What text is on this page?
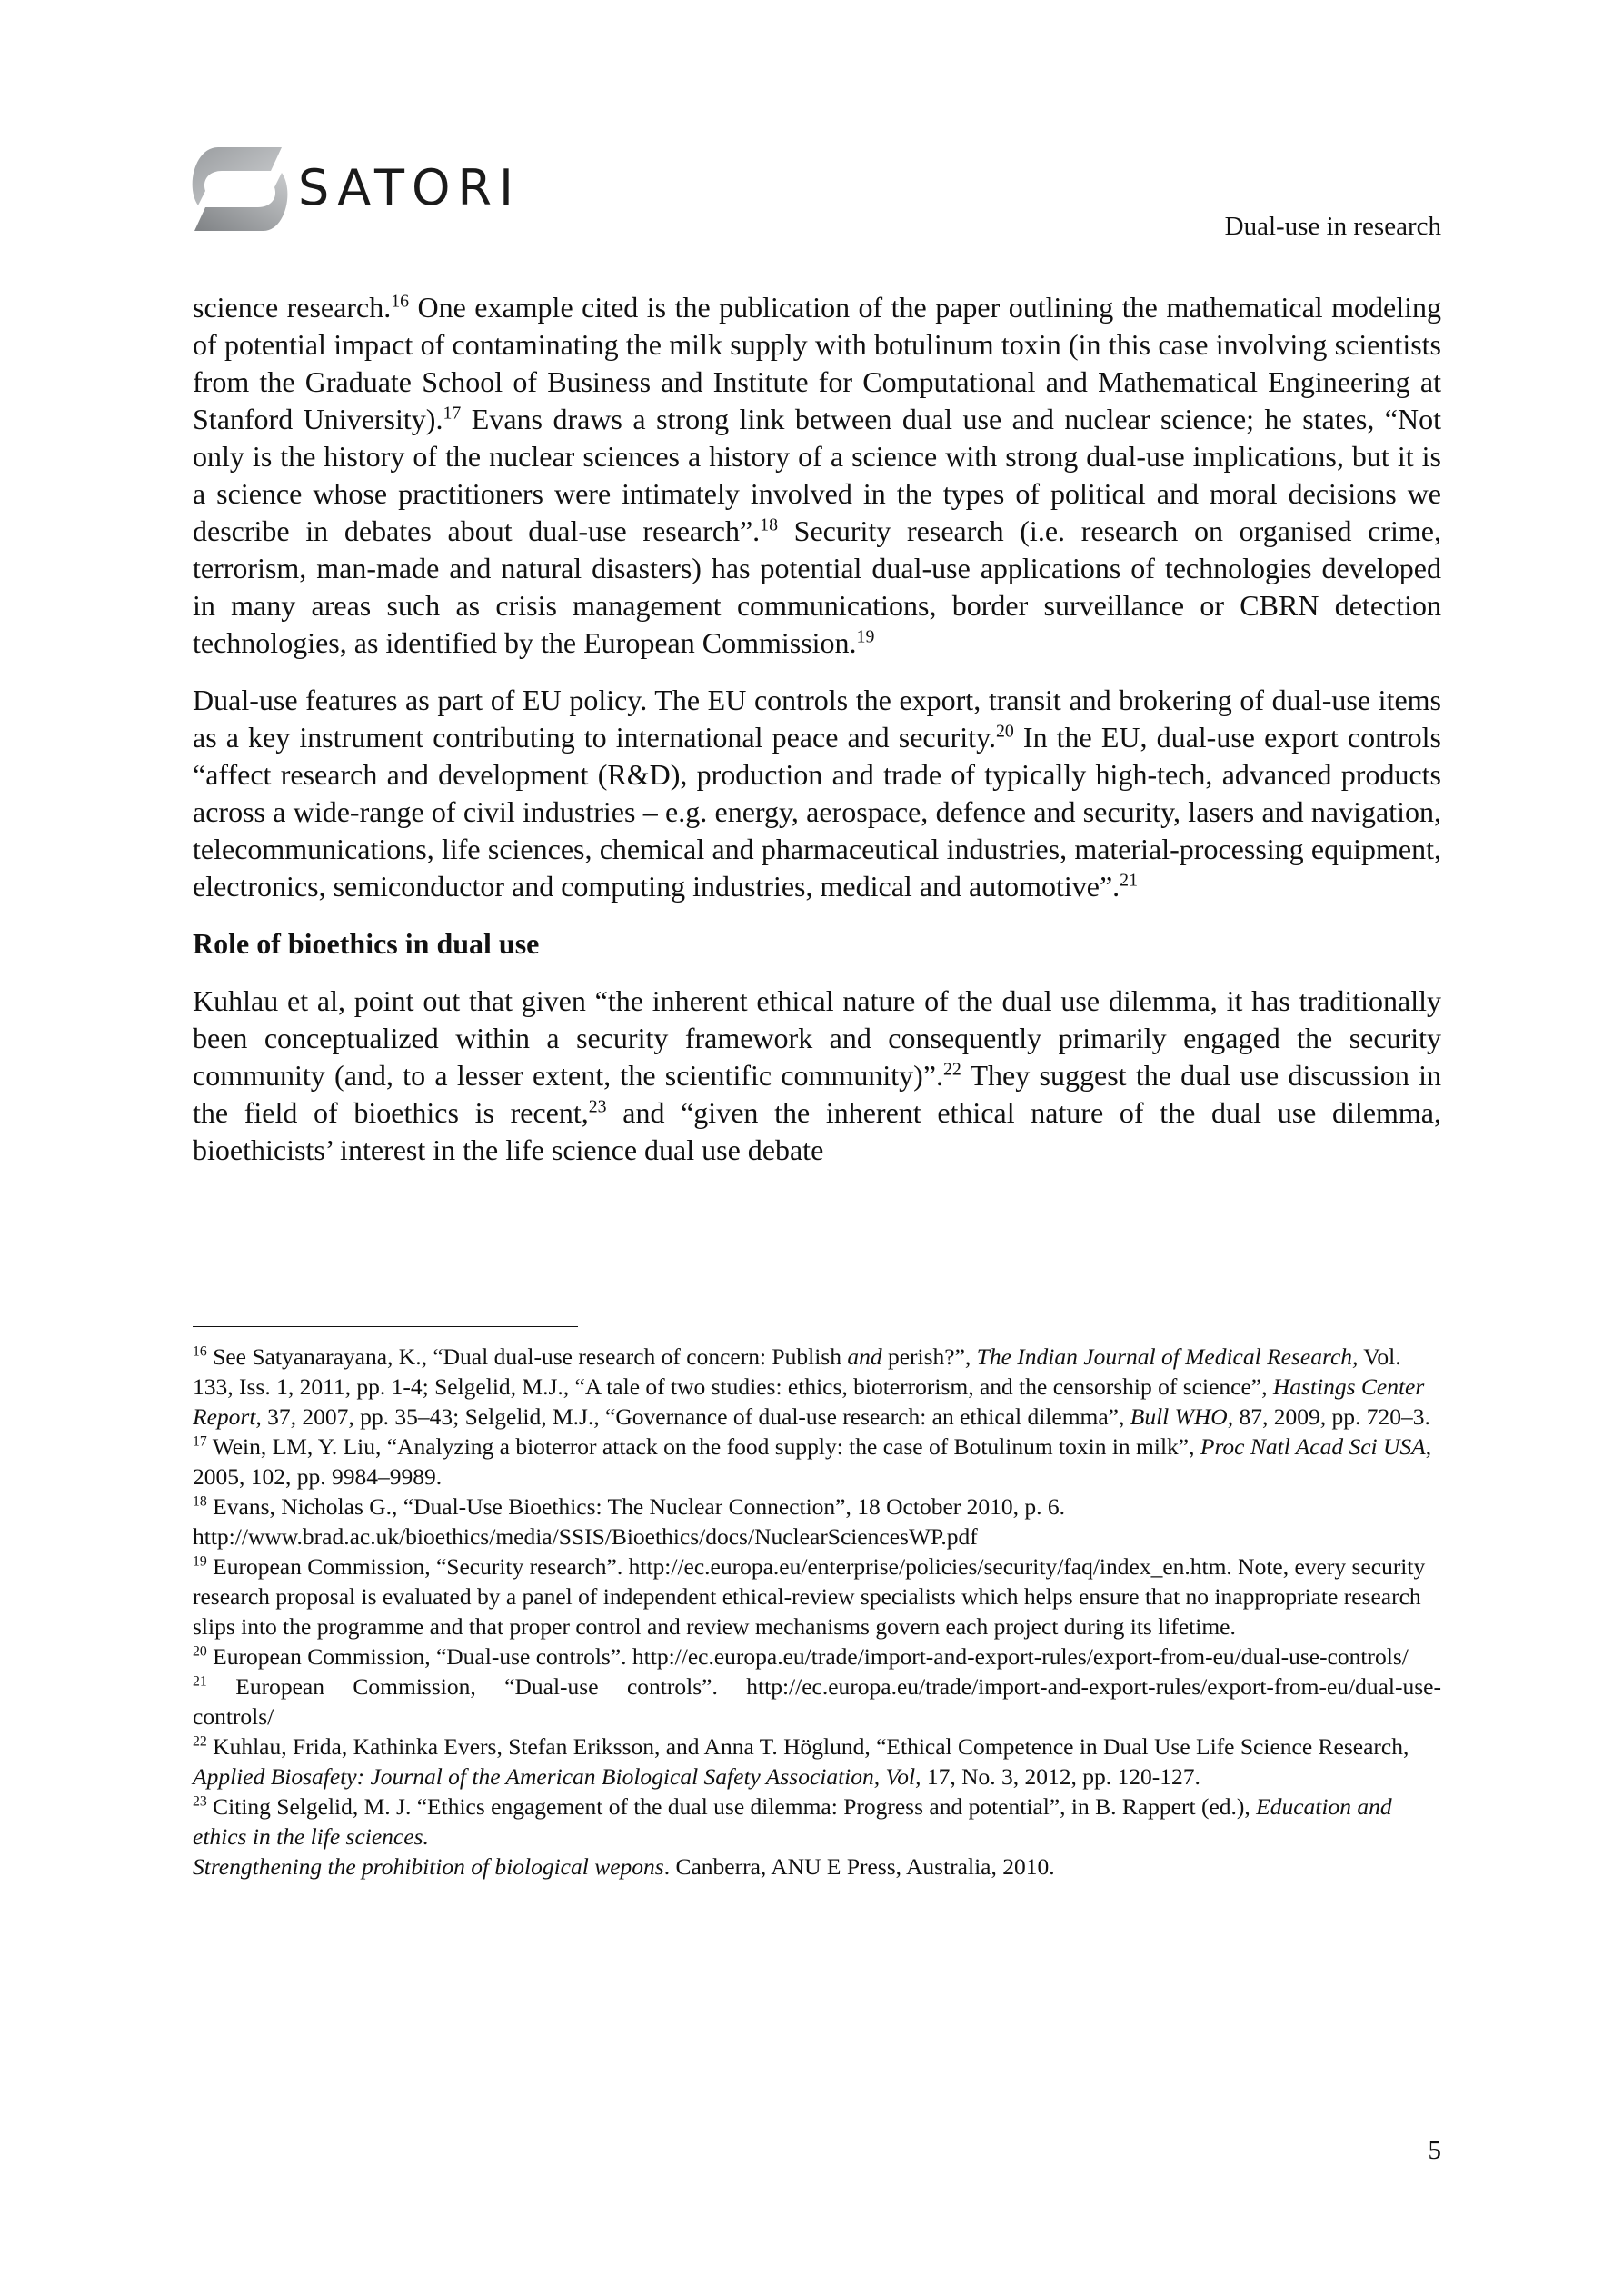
SATORI
Dual-use in research

science research.$^{16}$ One example cited is the publication of the paper outlining the mathematical modeling of potential impact of contaminating the milk supply with botulinum toxin (in this case involving scientists from the Graduate School of Business and Institute for Computational and Mathematical Engineering at Stanford University).$^{17}$ Evans draws a strong link between dual use and nuclear science; he states, “Not only is the history of the nuclear sciences a history of a science with strong dual-use implications, but it is a science whose practitioners were intimately involved in the types of political and moral decisions we describe in debates about dual-use research”.$^{18}$ Security research (i.e. research on organised crime, terrorism, man-made and natural disasters) has potential dual-use applications of technologies developed in many areas such as crisis management communications, border surveillance or CBRN detection technologies, as identified by the European Commission.$^{19}$

Dual-use features as part of EU policy. The EU controls the export, transit and brokering of dual-use items as a key instrument contributing to international peace and security.$^{20}$ In the EU, dual-use export controls “affect research and development (R&D), production and trade of typically high-tech, advanced products across a wide-range of civil industries – e.g. energy, aerospace, defence and security, lasers and navigation, telecommunications, life sciences, chemical and pharmaceutical industries, material-processing equipment, electronics, semiconductor and computing industries, medical and automotive”.$^{21}$

Role of bioethics in dual use

Kuhlau et al, point out that given “the inherent ethical nature of the dual use dilemma, it has traditionally been conceptualized within a security framework and consequently primarily engaged the security community (and, to a lesser extent, the scientific community)”.$^{22}$ They suggest the dual use discussion in the field of bioethics is recent,$^{23}$ and “given the inherent ethical nature of the dual use dilemma, bioethicists’ interest in the life science dual use debate

$^{16}$ See Satyanarayana, K., “Dual dual-use research of concern: Publish and perish?”, The Indian Journal of Medical Research, Vol. 133, Iss. 1, 2011, pp. 1-4; Selgelid, M.J., “A tale of two studies: ethics, bioterrorism, and the censorship of science”, Hastings Center Report, 37, 2007, pp. 35–43; Selgelid, M.J., “Governance of dual-use research: an ethical dilemma”, Bull WHO, 87, 2009, pp. 720–3.

$^{17}$ Wein, LM, Y. Liu, “Analyzing a bioterror attack on the food supply: the case of Botulinum toxin in milk”, Proc Natl Acad Sci USA, 2005, 102, pp. 9984–9989.

$^{18}$ Evans, Nicholas G., “Dual-Use Bioethics: The Nuclear Connection”, 18 October 2010, p. 6.
http://www.brad.ac.uk/bioethics/media/SSIS/Bioethics/docs/NuclearSciencesWP.pdf

$^{19}$ European Commission, “Security research”. http://ec.europa.eu/enterprise/policies/security/faq/index_en.htm. Note, every security research proposal is evaluated by a panel of independent ethical-review specialists which helps ensure that no inappropriate research slips into the programme and that proper control and review mechanisms govern each project during its lifetime.

$^{20}$ European Commission, “Dual-use controls”. http://ec.europa.eu/trade/import-and-export-rules/export-from-eu/dual-use-controls/

$^{21}$ European Commission, “Dual-use controls”. http://ec.europa.eu/trade/import-and-export-rules/export-from-eu/dual-use-controls/

$^{22}$ Kuhlau, Frida, Kathinka Evers, Stefan Eriksson, and Anna T. Höglund, “Ethical Competence in Dual Use Life Science Research, Applied Biosafety: Journal of the American Biological Safety Association, Vol, 17, No. 3, 2012, pp. 120-127.

$^{23}$ Citing Selgelid, M. J. “Ethics engagement of the dual use dilemma: Progress and potential”, in B. Rappert (ed.), Education and ethics in the life sciences.
Strengthening the prohibition of biological wepons. Canberra, ANU E Press, Australia, 2010.

5
